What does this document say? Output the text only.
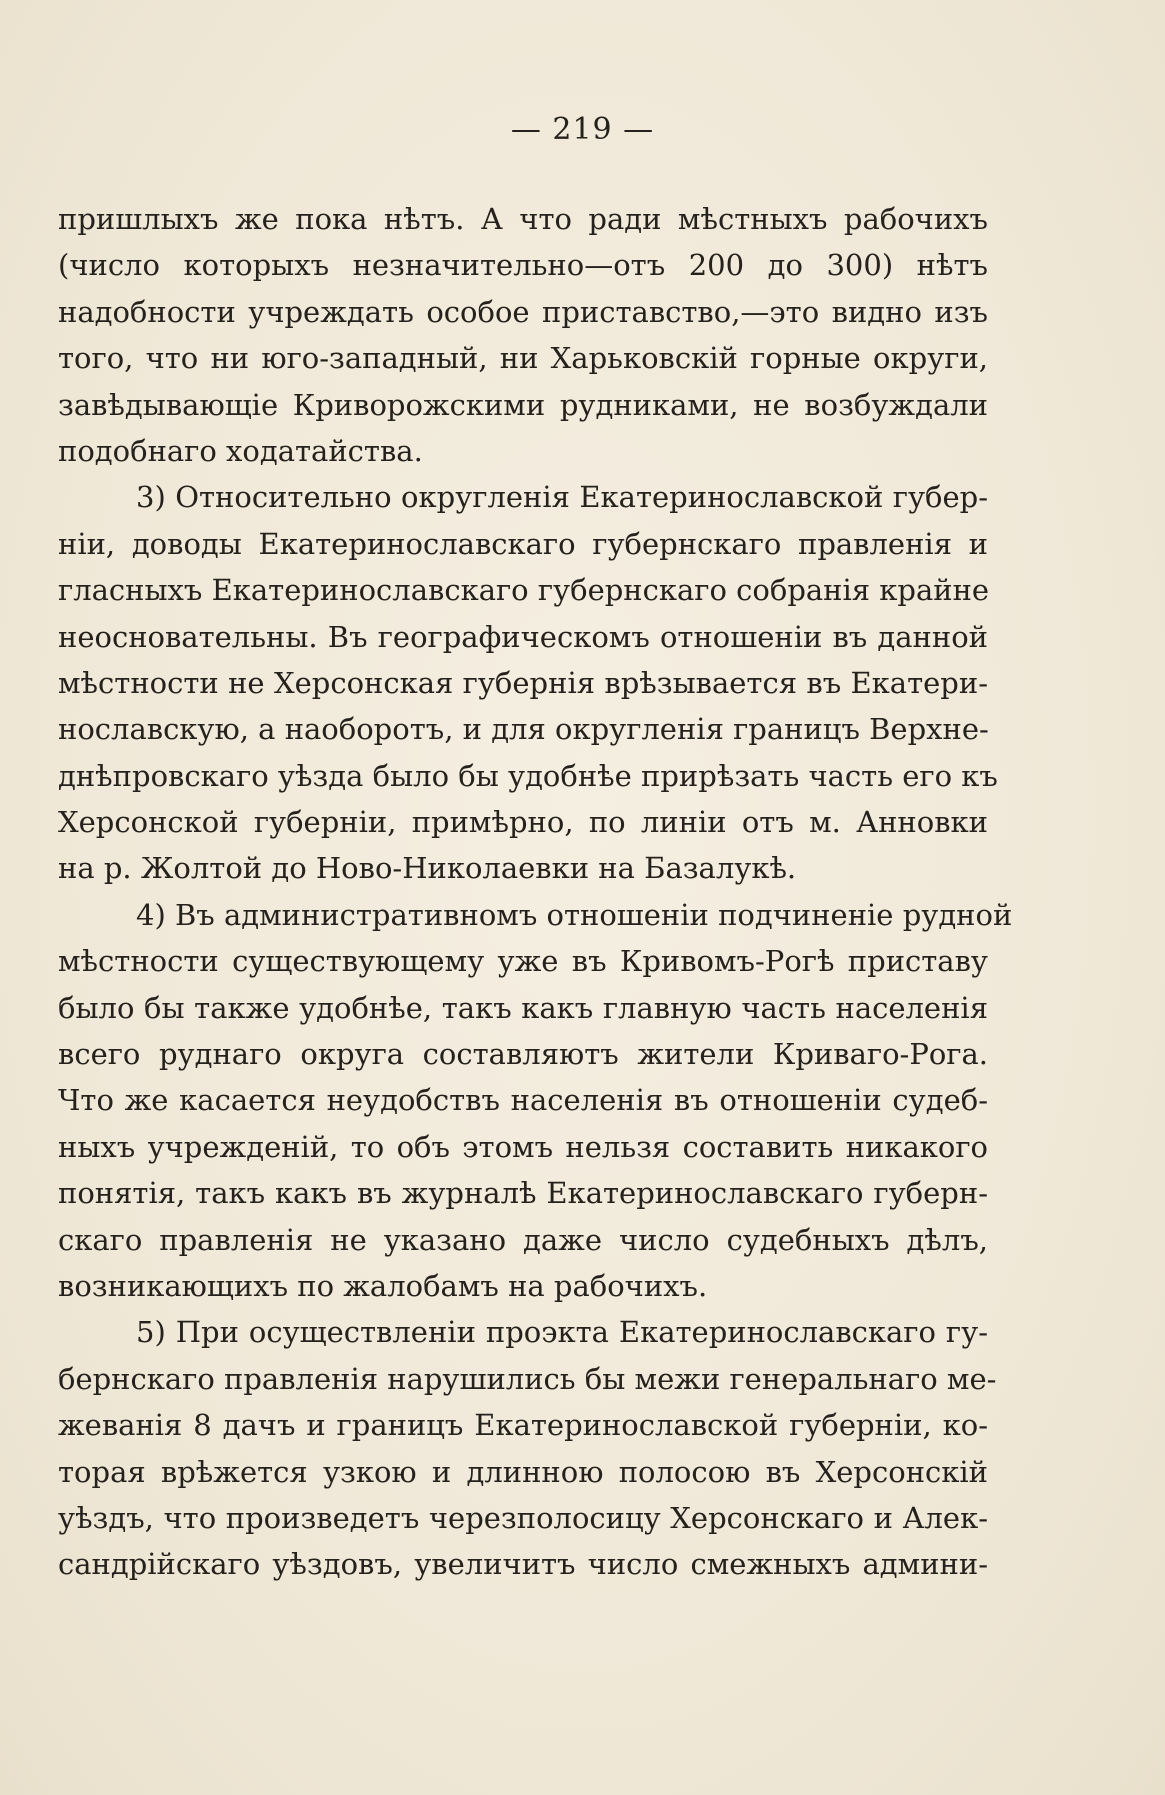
— 219 —
пришлыхъ же пока нѣтъ. А что ради мѣстныхъ рабочихъ
(число которыхъ незначительно—отъ 200 до 300) нѣтъ
надобности учреждать особое приставство,—это видно изъ
того, что ни юго-западный, ни Харьковскій горные округи,
завѣдывающіе Криворожскими рудниками, не возбуждали
подобнаго ходатайства.
3) Относительно округленія Екатеринославской губер-
ніи, доводы Екатеринославскаго губернскаго правленія и
гласныхъ Екатеринославскаго губернскаго собранія крайне
неосновательны. Въ географическомъ отношеніи въ данной
мѣстности не Херсонская губернія врѣзывается въ Екатери-
нославскую, а наоборотъ, и для округленія границъ Верхне-
днѣпровскаго уѣзда было бы удобнѣе прирѣзать часть его къ
Херсонской губерніи, примѣрно, по линіи отъ м. Анновки
на р. Жолтой до Ново-Николаевки на Базалукѣ.
4) Въ административномъ отношеніи подчиненіе рудной
мѣстности существующему уже въ Кривомъ-Рогѣ приставу
было бы также удобнѣе, такъ какъ главную часть населенія
всего руднаго округа составляютъ жители Криваго-Рога.
Что же касается неудобствъ населенія въ отношеніи судеб-
ныхъ учрежденій, то объ этомъ нельзя составить никакого
понятія, такъ какъ въ журналѣ Екатеринославскаго губерн-
скаго правленія не указано даже число судебныхъ дѣлъ,
возникающихъ по жалобамъ на рабочихъ.
5) При осуществленіи проэкта Екатеринославскаго гу-
бернскаго правленія нарушились бы межи генеральнаго ме-
жеванія 8 дачъ и границъ Екатеринославской губерніи, ко-
торая врѣжется узкою и длинною полосою въ Херсонскій
уѣздъ, что произведетъ черезполосицу Херсонскаго и Алек-
сандрійскаго уѣздовъ, увеличитъ число смежныхъ админи-
